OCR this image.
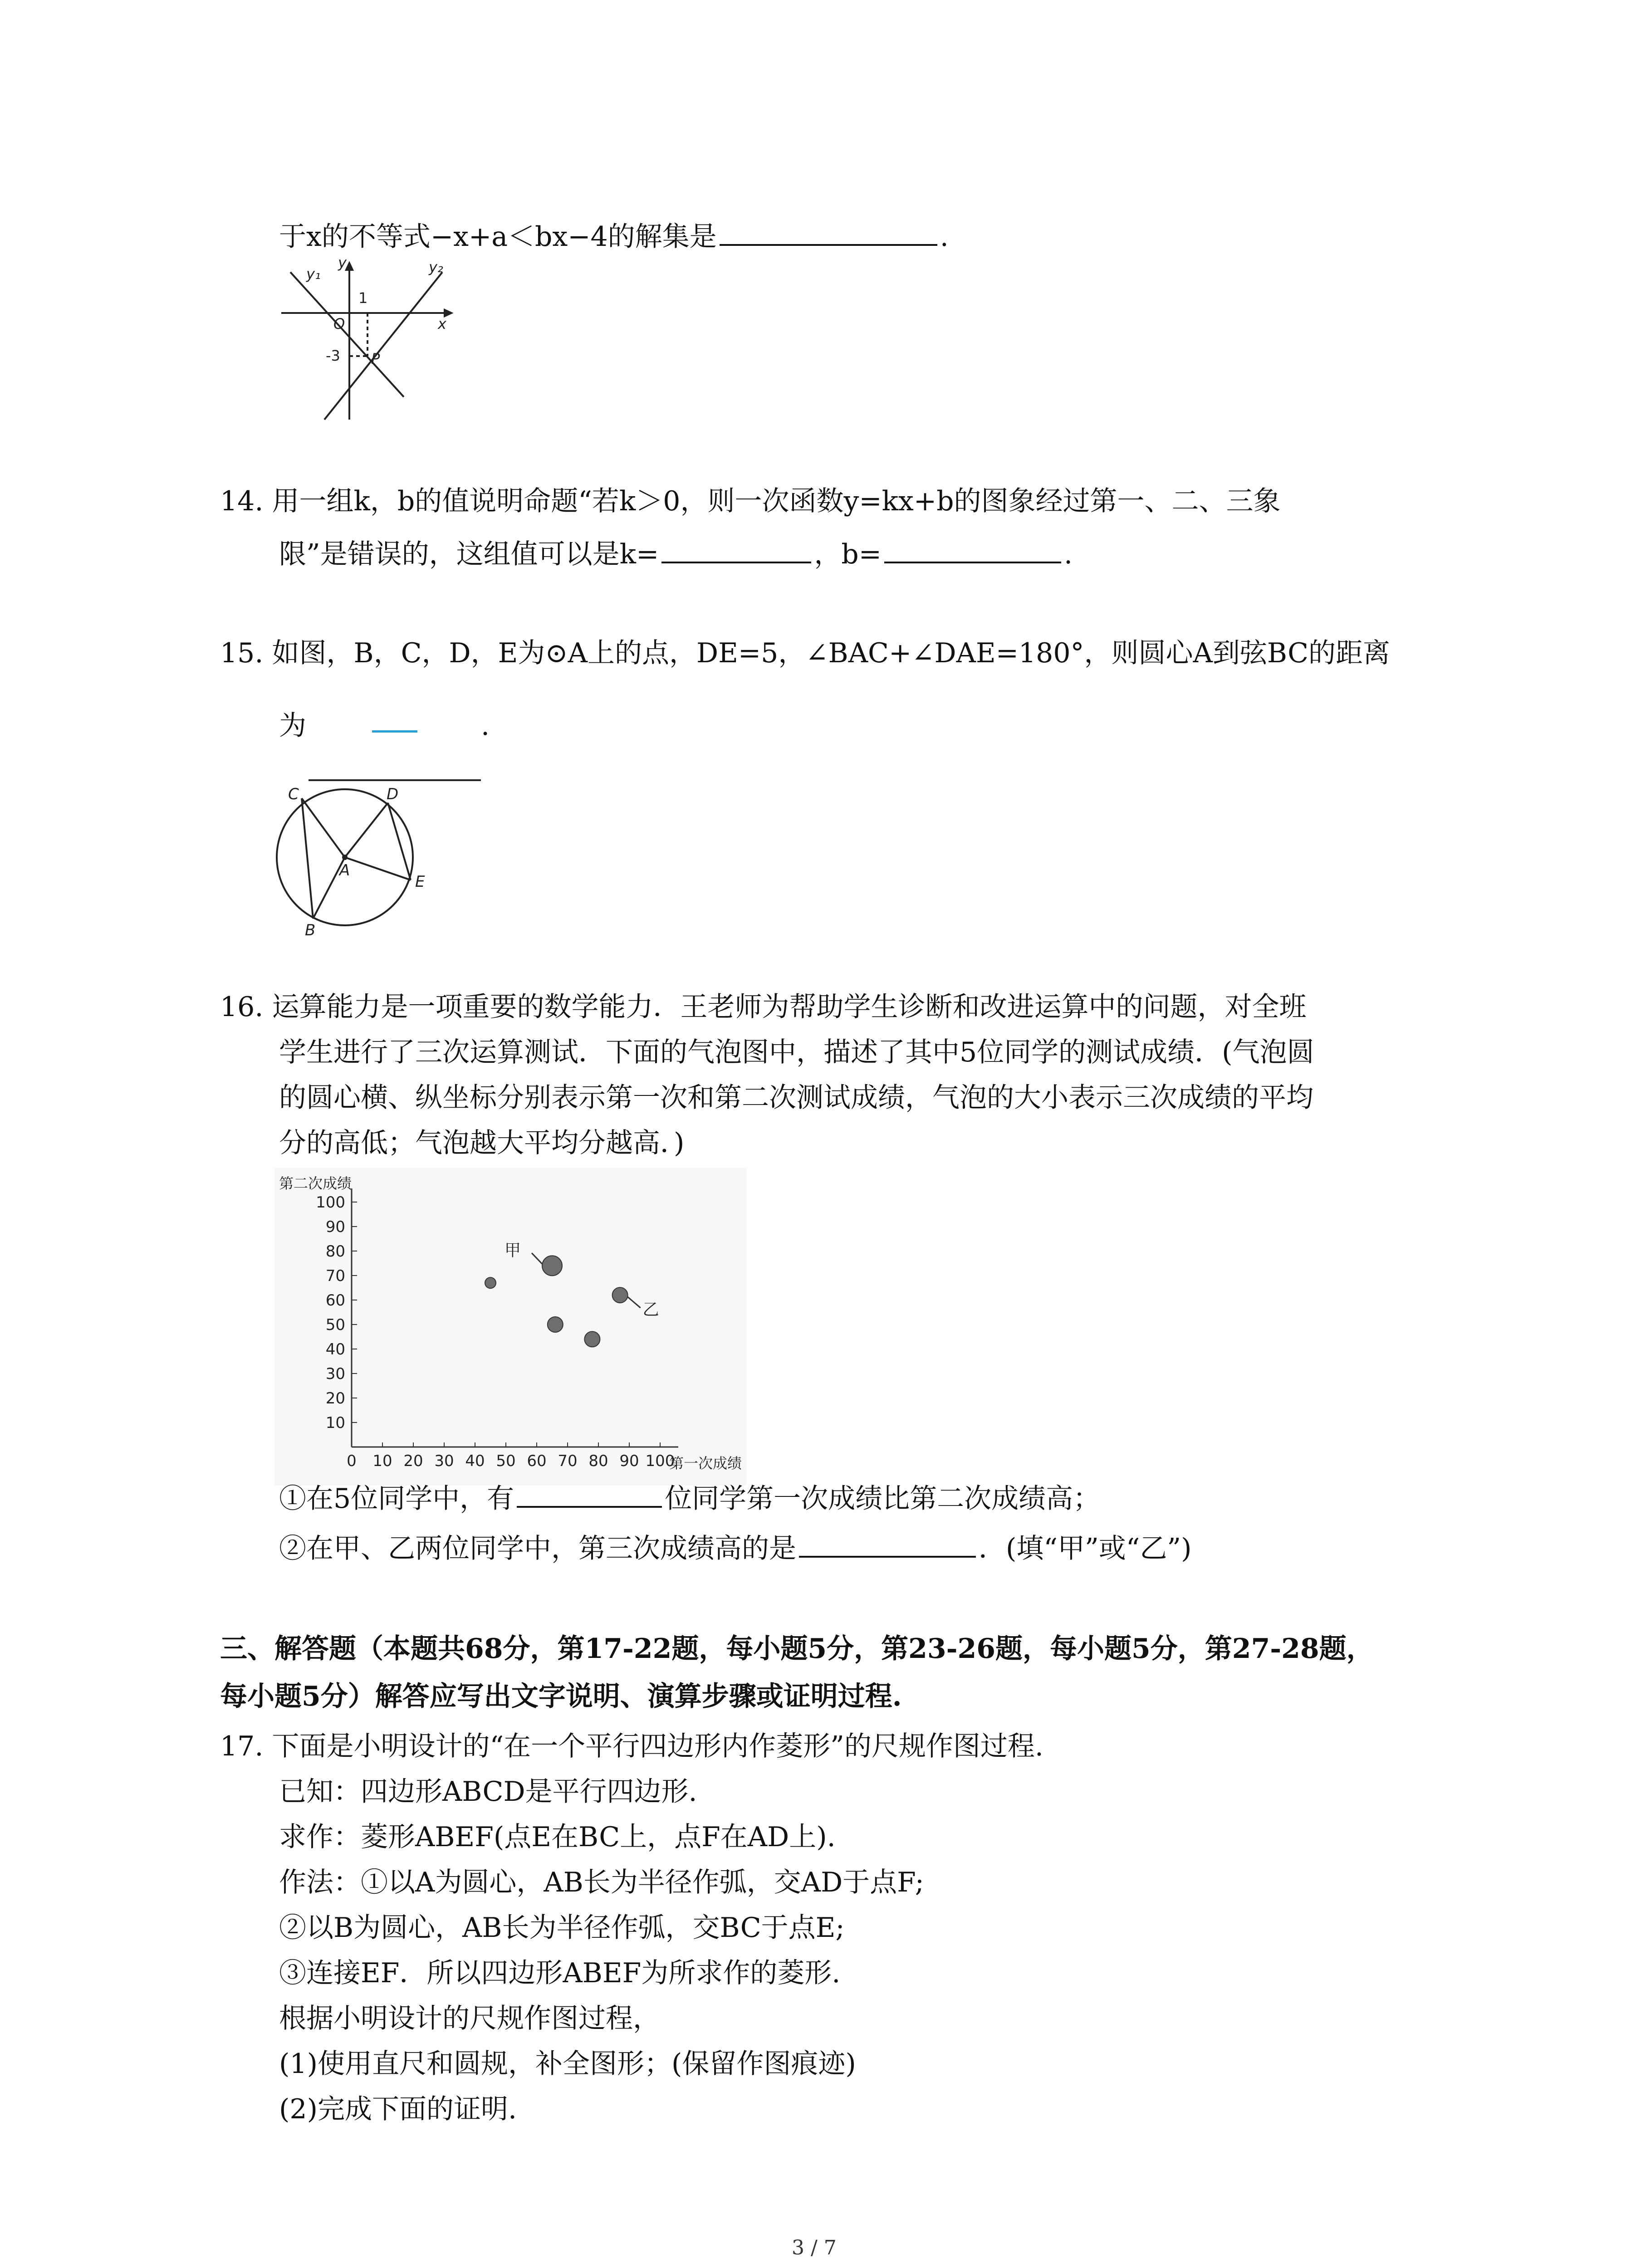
于x的不等式−x+a＜bx−4的解集是	.
y₁
y	y₂
1
O	x
-3 P
14. 用一组k，b的值说明命题“若k＞0，则一次函数y=kx+b的图象经过第一、二、三象
限”是错误的，这组值可以是k=	，b=	.
15. 如图，B，C，D，E为⊙A上的点，DE=5，∠BAC+∠DAE=180°，则圆心A到弦BC的距离
为	.
C	D
A
E
B
16. 运算能力是一项重要的数学能力．王老师为帮助学生诊断和改进运算中的问题，对全班
学生进行了三次运算测试．下面的气泡图中，描述了其中5位同学的测试成绩．(气泡圆
的圆心横、纵坐标分别表示第一次和第二次测试成绩，气泡的大小表示三次成绩的平均
分的高低；气泡越大平均分越高．)
第二次成绩
第一次成绩
0 10 20 30 40 50 60 70 80 90 100
10
20
30
40
50
60
70
80
90
100
甲
乙
①在5位同学中，有	位同学第一次成绩比第二次成绩高；
②在甲、乙两位同学中，第三次成绩高的是	．(填“甲”或“乙”)
三、解答题（本题共68分，第17-22题，每小题5分，第23-26题，每小题5分，第27-28题，
每小题5分）解答应写出文字说明、演算步骤或证明过程.
17. 下面是小明设计的“在一个平行四边形内作菱形”的尺规作图过程.
已知：四边形ABCD是平行四边形.
求作：菱形ABEF(点E在BC上，点F在AD上).
作法：①以A为圆心，AB长为半径作弧，交AD于点F;
②以B为圆心，AB长为半径作弧，交BC于点E;
③连接EF．所以四边形ABEF为所求作的菱形.
根据小明设计的尺规作图过程，
(1)使用直尺和圆规，补全图形；(保留作图痕迹)
(2)完成下面的证明.
3 / 7
